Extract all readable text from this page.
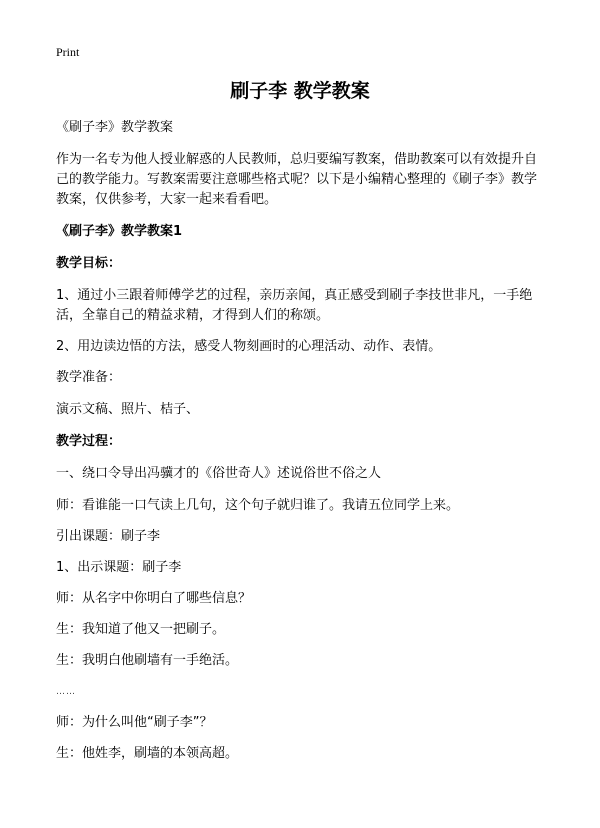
Print
刷子李 教学教案

《刷子李》教学教案

作为一名专为他人授业解惑的人民教师，总归要编写教案，借助教案可以有效提升自己的教学能力。写教案需要注意哪些格式呢？以下是小编精心整理的《刷子李》教学教案，仅供参考，大家一起来看看吧。

《刷子李》教学教案1

教学目标：

1、通过小三跟着师傅学艺的过程，亲历亲闻，真正感受到刷子李技世非凡，一手绝活，全靠自己的精益求精，才得到人们的称颂。

2、用边读边悟的方法，感受人物刻画时的心理活动、动作、表情。

教学准备：

演示文稿、照片、桔子、

教学过程：

一、绕口令导出冯骥才的《俗世奇人》述说俗世不俗之人

师：看谁能一口气读上几句，这个句子就归谁了。我请五位同学上来。

引出课题：刷子李

1、出示课题：刷子李

师：从名字中你明白了哪些信息？

生：我知道了他又一把刷子。

生：我明白他刷墙有一手绝活。

……

师：为什么叫他“刷子李”？

生：他姓李，刷墙的本领高超。
